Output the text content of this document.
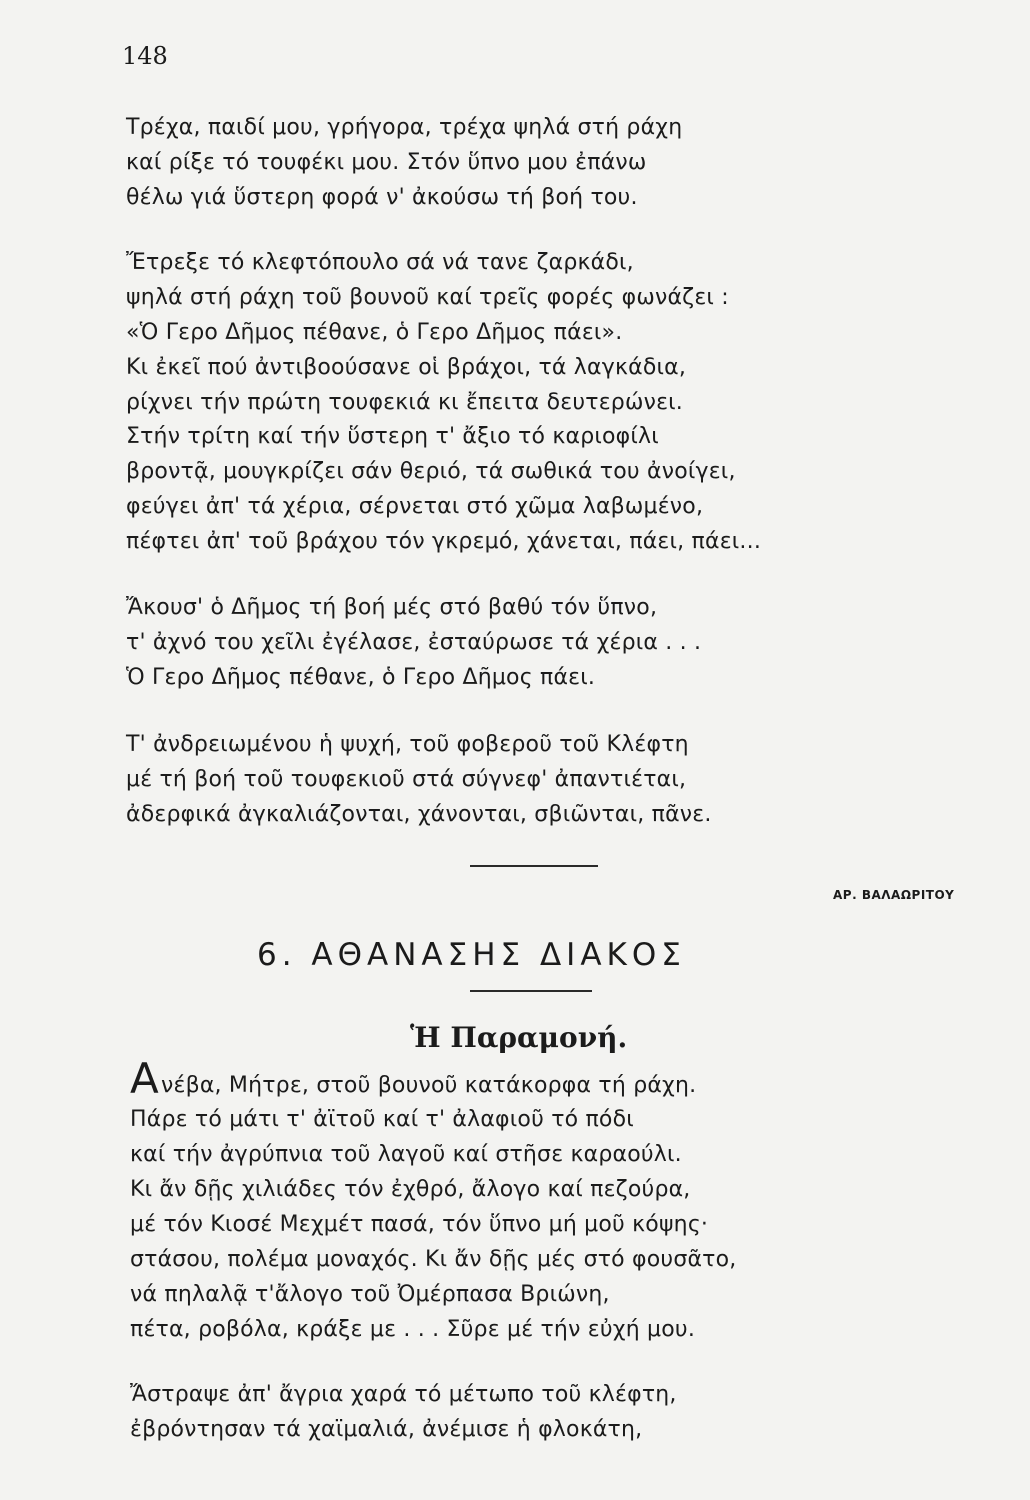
148
Τρέχα, παιδί μου, γρήγορα, τρέχα ψηλά στή ράχη
καί ρίξε τό τουφέκι μου. Στόν ὕπνο μου ἐπάνω
θέλω γιά ὕστερη φορά ν' ἀκούσω τή βοή του.
Ἔτρεξε τό κλεφτόπουλο σά νά τανε ζαρκάδι,
ψηλά στή ράχη τοῦ βουνοῦ καί τρεῖς φορές φωνάζει :
«Ὁ Γερο Δῆμος πέθανε, ὁ Γερο Δῆμος πάει».
Κι ἐκεῖ πού ἀντιβοούσανε οἱ βράχοι, τά λαγκάδια,
ρίχνει τήν πρώτη τουφεκιά κι ἔπειτα δευτερώνει.
Στήν τρίτη καί τήν ὕστερη τ' ἄξιο τό καριοφίλι
βροντᾷ, μουγκρίζει σάν θεριό, τά σωθικά του ἀνοίγει,
φεύγει ἀπ' τά χέρια, σέρνεται στό χῶμα λαβωμένο,
πέφτει ἀπ' τοῦ βράχου τόν γκρεμό, χάνεται, πάει, πάει...
Ἄκουσ' ὁ Δῆμος τή βοή μές στό βαθύ τόν ὕπνο,
τ' ἀχνό του χεῖλι ἐγέλασε, ἐσταύρωσε τά χέρια . . .
Ὁ Γερο Δῆμος πέθανε, ὁ Γερο Δῆμος πάει.
Τ' ἀνδρειωμένου ἡ ψυχή, τοῦ φοβεροῦ τοῦ Κλέφτη
μέ τή βοή τοῦ τουφεκιοῦ στά σύγνεφ' ἀπαντιέται,
ἀδερφικά ἀγκαλιάζονται, χάνονται, σβιῶνται, πᾶνε.
ΑΡ. ΒΑΛΑΩΡΙΤΟΥ
6. ΑΘΑΝΑΣΗΣ ΔΙΑΚΟΣ
Ἡ Παραμονή.
Α νέβα, Μήτρε, στοῦ βουνοῦ κατάκορφα τή ράχη.
Πάρε τό μάτι τ' ἀϊτοῦ καί τ' ἀλαφιοῦ τό πόδι
καί τήν ἀγρύπνια τοῦ λαγοῦ καί στῆσε καραούλι.
Κι ἄν δῇς χιλιάδες τόν ἐχθρό, ἄλογο καί πεζούρα,
μέ τόν Κιοσέ Μεχμέτ πασά, τόν ὕπνο μή μοῦ κόψης·
στάσου, πολέμα μοναχός. Κι ἄν δῇς μές στό φουσᾶτο,
νά πηλαλᾷ τ'ἄλογο τοῦ Ὀμέρπασα Βριώνη,
πέτα, ροβόλα, κράξε με . . . Σῦρε μέ τήν εὐχή μου.
Ἄστραψε ἀπ' ἄγρια χαρά τό μέτωπο τοῦ κλέφτη,
ἐβρόντησαν τά χαϊμαλιά, ἀνέμισε ἡ φλοκάτη,
